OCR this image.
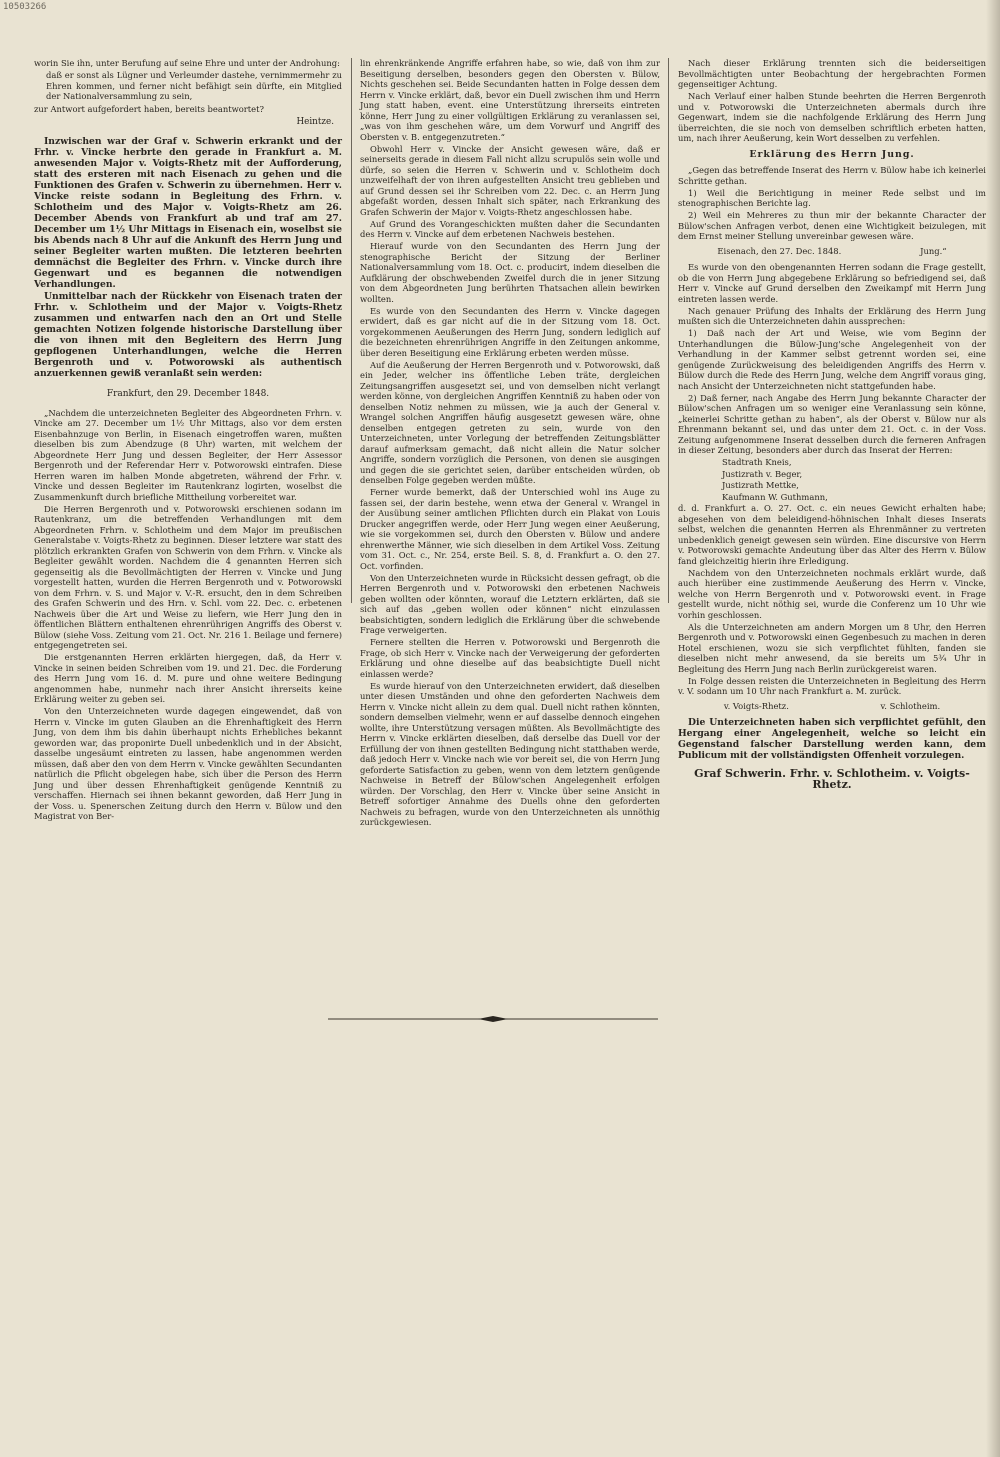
10503266

worin Sie ihn, unter Berufung auf seine Ehre und unter der Androhung:

daß er sonst als Lügner und Verleumder dastehe, vernimmermehr zu Ehren kommen, und ferner nicht befähigt sein dürfte, ein Mitglied der Nationalversammlung zu sein,

zur Antwort aufgefordert haben, bereits beantwortet?

Heintze.

Inzwischen war der Graf v. Schwerin erkrankt und der Frhr. v. Vincke herbrte den gerade in Frankfurt a. M. anwesenden Major v. Voigts-Rhetz mit der Aufforderung, statt des ersteren mit nach Eisenach zu gehen und die Funktionen des Grafen v. Schwerin zu übernehmen. Herr v. Vincke reiste sodann in Begleitung des Frhrn. v. Schlotheim und des Major v. Voigts-Rhetz am 26. December Abends von Frankfurt ab und traf am 27. December um 1½ Uhr Mittags in Eisenach ein, woselbst sie bis Abends nach 8 Uhr auf die Ankunft des Herrn Jung und seiner Begleiter warten mußten. Die letzteren beehrten demnächst die Begleiter des Frhrn. v. Vincke durch ihre Gegenwart und es begannen die notwendigen Verhandlungen.

Unmittelbar nach der Rückkehr von Eisenach traten der Frhr. v. Schlotheim und der Major v. Voigts-Rhetz zusammen und entwarfen nach den an Ort und Stelle gemachten Notizen folgende historische Darstellung über die von ihnen mit den Begleitern des Herrn Jung gepflogenen Unterhandlungen, welche die Herren Bergenroth und v. Potworowski als authentisch anzuerkennen gewiß veranlaßt sein werden:

Frankfurt, den 29. December 1848.

„Nachdem die unterzeichneten Begleiter des Abgeordneten Frhrn. v. Vincke am 27. December um 1½ Uhr Mittags, also vor dem ersten Eisenbahnzuge von Berlin, in Eisenach eingetroffen waren, mußten dieselben bis zum Abendzuge (8 Uhr) warten, mit welchem der Abgeordnete Herr Jung und dessen Begleiter, der Herr Assessor Bergenroth und der Referendar Herr v. Potworowski eintrafen. Diese Herren waren im halben Monde abgetreten, während der Frhr. v. Vincke und dessen Begleiter im Rautenkranz logirten, woselbst die Zusammenkunft durch briefliche Mittheilung vorbereitet war.

Die Herren Bergenroth und v. Potworowski erschienen sodann im Rautenkranz, um die betreffenden Verhandlungen mit dem Abgeordneten Frhrn. v. Schlotheim und dem Major im preußischen Generalstabe v. Voigts-Rhetz zu beginnen. Dieser letztere war statt des plötzlich erkrankten Grafen von Schwerin von dem Frhrn. v. Vincke als Begleiter gewählt worden. Nachdem die 4 genannten Herren sich gegenseitig als die Bevollmächtigten der Herren v. Vincke und Jung vorgestellt hatten, wurden die Herren Bergenroth und v. Potworowski von dem Frhrn. v. S. und Major v. V.-R. ersucht, den in dem Schreiben des Grafen Schwerin und des Hrn. v. Schl. vom 22. Dec. c. erbetenen Nachweis über die Art und Weise zu liefern, wie Herr Jung den in öffentlichen Blättern enthaltenen ehrenrührigen Angriffs des Oberst v. Bülow (siehe Voss. Zeitung vom 21. Oct. Nr. 216 1. Beilage und fernere) entgegengetreten sei.

Die erstgenannten Herren erklärten hiergegen, daß, da Herr v. Vincke in seinen beiden Schreiben vom 19. und 21. Dec. die Forderung des Herrn Jung vom 16. d. M. pure und ohne weitere Bedingung angenommen habe, nunmehr nach ihrer Ansicht ihrerseits keine Erklärung weiter zu geben sei.

Von den Unterzeichneten wurde dagegen eingewendet, daß von Herrn v. Vincke im guten Glauben an die Ehrenhaftigkeit des Herrn Jung, von dem ihm bis dahin überhaupt nichts Erhebliches bekannt geworden war, das proponirte Duell unbedenklich und in der Absicht, dasselbe ungesäumt eintreten zu lassen, habe angenommen werden müssen, daß aber den von dem Herrn v. Vincke gewählten Secundanten natürlich die Pflicht obgelegen habe, sich über die Person des Herrn Jung und über dessen Ehrenhaftigkeit genügende Kenntniß zu verschaffen. Hiernach sei ihnen bekannt geworden, daß Herr Jung in der Voss. u. Spenerschen Zeitung durch den Herrn v. Bülow und den Magistrat von Ber-

lin ehrenkränkende Angriffe erfahren habe, so wie, daß von ihm zur Beseitigung derselben, besonders gegen den Obersten v. Bülow, Nichts geschehen sei. Beide Secundanten hatten in Folge dessen dem Herrn v. Vincke erklärt, daß, bevor ein Duell zwischen ihm und Herrn Jung statt haben, event. eine Unterstützung ihrerseits eintreten könne, Herr Jung zu einer vollgültigen Erklärung zu veranlassen sei, „was von ihm geschehen wäre, um dem Vorwurf und Angriff des Obersten v. B. entgegenzutreten.“

Obwohl Herr v. Vincke der Ansicht gewesen wäre, daß er seinerseits gerade in diesem Fall nicht allzu scrupulös sein wolle und dürfe, so seien die Herren v. Schwerin und v. Schlotheim doch unzweifelhaft der von ihren aufgestellten Ansicht treu geblieben und auf Grund dessen sei ihr Schreiben vom 22. Dec. c. an Herrn Jung abgefaßt worden, dessen Inhalt sich später, nach Erkrankung des Grafen Schwerin der Major v. Voigts-Rhetz angeschlossen habe.

Auf Grund des Vorangeschickten mußten daher die Secundanten des Herrn v. Vincke auf dem erbetenen Nachweis bestehen.

Hierauf wurde von den Secundanten des Herrn Jung der stenographische Bericht der Sitzung der Berliner Nationalversammlung vom 18. Oct. c. producirt, indem dieselben die Aufklärung der obschwebenden Zweifel durch die in jener Sitzung von dem Abgeordneten Jung berührten Thatsachen allein bewirken wollten.

Es wurde von den Secundanten des Herrn v. Vincke dagegen erwidert, daß es gar nicht auf die in der Sitzung vom 18. Oct. vorgekommenen Aeußerungen des Herrn Jung, sondern lediglich auf die bezeichneten ehrenrührigen Angriffe in den Zeitungen ankomme, über deren Beseitigung eine Erklärung erbeten werden müsse.

Auf die Aeußerung der Herren Bergenroth und v. Potworowski, daß ein Jeder, welcher ins öffentliche Leben träte, dergleichen Zeitungsangriffen ausgesetzt sei, und von demselben nicht verlangt werden könne, von dergleichen Angriffen Kenntniß zu haben oder von denselben Notiz nehmen zu müssen, wie ja auch der General v. Wrangel solchen Angriffen häufig ausgesetzt gewesen wäre, ohne denselben entgegen getreten zu sein, wurde von den Unterzeichneten, unter Vorlegung der betreffenden Zeitungsblätter darauf aufmerksam gemacht, daß nicht allein die Natur solcher Angriffe, sondern vorzüglich die Personen, von denen sie ausgingen und gegen die sie gerichtet seien, darüber entscheiden würden, ob denselben Folge gegeben werden müßte.

Ferner wurde bemerkt, daß der Unterschied wohl ins Auge zu fassen sei, der darin bestehe, wenn etwa der General v. Wrangel in der Ausübung seiner amtlichen Pflichten durch ein Plakat von Louis Drucker angegriffen werde, oder Herr Jung wegen einer Aeußerung, wie sie vorgekommen sei, durch den Obersten v. Bülow und andere ehrenwerthe Männer, wie sich dieselben in dem Artikel Voss. Zeitung vom 31. Oct. c., Nr. 254, erste Beil. S. 8, d. Frankfurt a. O. den 27. Oct. vorfinden.

Von den Unterzeichneten wurde in Rücksicht dessen gefragt, ob die Herren Bergenroth und v. Potworowski den erbetenen Nachweis geben wollten oder könnten, worauf die Letztern erklärten, daß sie sich auf das „geben wollen oder können“ nicht einzulassen beabsichtigten, sondern lediglich die Erklärung über die schwebende Frage verweigerten.

Fernere stellten die Herren v. Potworowski und Bergenroth die Frage, ob sich Herr v. Vincke nach der Verweigerung der geforderten Erklärung und ohne dieselbe auf das beabsichtigte Duell nicht einlassen werde?

Es wurde hierauf von den Unterzeichneten erwidert, daß dieselben unter diesen Umständen und ohne den geforderten Nachweis dem Herrn v. Vincke nicht allein zu dem qual. Duell nicht rathen könnten, sondern demselben vielmehr, wenn er auf dasselbe dennoch eingehen wollte, ihre Unterstützung versagen müßten. Als Bevollmächtigte des Herrn v. Vincke erklärten dieselben, daß derselbe das Duell vor der Erfüllung der von ihnen gestellten Bedingung nicht statthaben werde, daß jedoch Herr v. Vincke nach wie vor bereit sei, die von Herrn Jung geforderte Satisfaction zu geben, wenn von dem letztern genügende Nachweise in Betreff der Bülow'schen Angelegenheit erfolgen würden. Der Vorschlag, den Herr v. Vincke über seine Ansicht in Betreff sofortiger Annahme des Duells ohne den geforderten Nachweis zu befragen, wurde von den Unterzeichneten als unnöthig zurückgewiesen.

Nach dieser Erklärung trennten sich die beiderseitigen Bevollmächtigten unter Beobachtung der hergebrachten Formen gegenseitiger Achtung.

Nach Verlauf einer halben Stunde beehrten die Herren Bergenroth und v. Potworowski die Unterzeichneten abermals durch ihre Gegenwart, indem sie die nachfolgende Erklärung des Herrn Jung überreichten, die sie noch von demselben schriftlich erbeten hatten, um, nach ihrer Aeußerung, kein Wort desselben zu verfehlen.

Erklärung des Herrn Jung.

„Gegen das betreffende Inserat des Herrn v. Bülow habe ich keinerlei Schritte gethan.

1) Weil die Berichtigung in meiner Rede selbst und im stenographischen Berichte lag.

2) Weil ein Mehreres zu thun mir der bekannte Character der Bülow'schen Anfragen verbot, denen eine Wichtigkeit beizulegen, mit dem Ernst meiner Stellung unvereinbar gewesen wäre.

Eisenach, den 27. Dec. 1848.	Jung.“

Es wurde von den obengenannten Herren sodann die Frage gestellt, ob die von Herrn Jung abgegebene Erklärung so befriedigend sei, daß Herr v. Vincke auf Grund derselben den Zweikampf mit Herrn Jung eintreten lassen werde.

Nach genauer Prüfung des Inhalts der Erklärung des Herrn Jung mußten sich die Unterzeichneten dahin aussprechen:

1) Daß nach der Art und Weise, wie vom Beginn der Unterhandlungen die Bülow-Jung'sche Angelegenheit von der Verhandlung in der Kammer selbst getrennt worden sei, eine genügende Zurückweisung des beleidigenden Angriffs des Herrn v. Bülow durch die Rede des Herrn Jung, welche dem Angriff voraus ging, nach Ansicht der Unterzeichneten nicht stattgefunden habe.

2) Daß ferner, nach Angabe des Herrn Jung bekannte Character der Bülow'schen Anfragen um so weniger eine Veranlassung sein könne, „keinerlei Schritte gethan zu haben“, als der Oberst v. Bülow nur als Ehrenmann bekannt sei, und das unter dem 21. Oct. c. in der Voss. Zeitung aufgenommene Inserat desselben durch die ferneren Anfragen in dieser Zeitung, besonders aber durch das Inserat der Herren:

Stadtrath Kneis,

Justizrath v. Beger,

Justizrath Mettke,

Kaufmann W. Guthmann,

d. d. Frankfurt a. O. 27. Oct. c. ein neues Gewicht erhalten habe; abgesehen von dem beleidigend-höhnischen Inhalt dieses Inserats selbst, welchen die genannten Herren als Ehrenmänner zu vertreten unbedenklich geneigt gewesen sein würden. Eine discursive von Herrn v. Potworowski gemachte Andeutung über das Alter des Herrn v. Bülow fand gleichzeitig hierin ihre Erledigung.

Nachdem von den Unterzeichneten nochmals erklärt wurde, daß auch hierüber eine zustimmende Aeußerung des Herrn v. Vincke, welche von Herrn Bergenroth und v. Potworowski event. in Frage gestellt wurde, nicht nöthig sei, wurde die Conferenz um 10 Uhr wie vorhin geschlossen.

Als die Unterzeichneten am andern Morgen um 8 Uhr, den Herren Bergenroth und v. Potworowski einen Gegenbesuch zu machen in deren Hotel erschienen, wozu sie sich verpflichtet fühlten, fanden sie dieselben nicht mehr anwesend, da sie bereits um 5¾ Uhr in Begleitung des Herrn Jung nach Berlin zurückgereist waren.

In Folge dessen reisten die Unterzeichneten in Begleitung des Herrn v. V. sodann um 10 Uhr nach Frankfurt a. M. zurück.

v. Voigts-Rhetz.	v. Schlotheim.

Die Unterzeichneten haben sich verpflichtet gefühlt, den Hergang einer Angelegenheit, welche so leicht ein Gegenstand falscher Darstellung werden kann, dem Publicum mit der vollständigsten Offenheit vorzulegen.

Graf Schwerin. Frhr. v. Schlotheim. v. Voigts-Rhetz.
